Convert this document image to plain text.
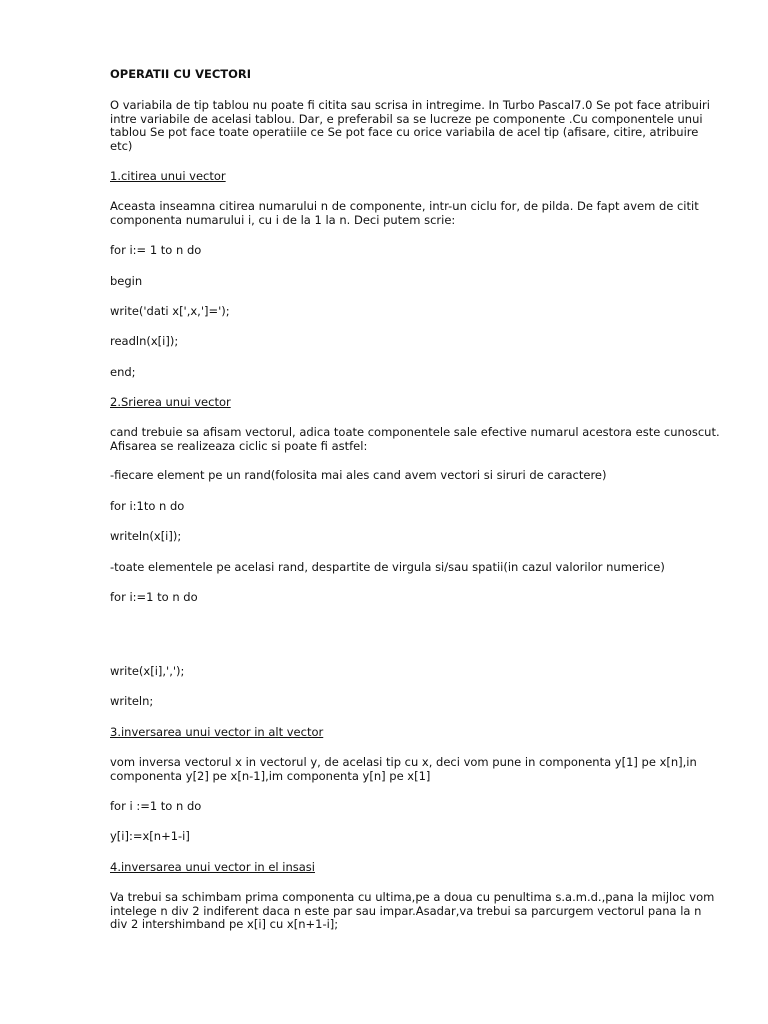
OPERATII CU VECTORI

O variabila de tip tablou nu poate fi citita sau scrisa in intregime. In Turbo Pascal7.0 Se pot face atribuiri intre variabile de acelasi tablou. Dar, e preferabil sa se lucreze pe componente .Cu componentele unui tablou Se pot face toate operatiile ce Se pot face cu orice variabila de acel tip (afisare, citire, atribuire etc)

1.citirea unui vector

Aceasta inseamna citirea numarului n de componente, intr-un ciclu for, de pilda. De fapt avem de citit componenta numarului i, cu i de la 1 la n. Deci putem scrie:

for i:= 1 to n do

begin

write('dati x[',x,']=');

readln(x[i]);

end;

2.Srierea unui vector

cand trebuie sa afisam vectorul, adica toate componentele sale efective numarul acestora este cunoscut. Afisarea se realizeaza ciclic si poate fi astfel:

-fiecare element pe un rand(folosita mai ales cand avem vectori si siruri de caractere)

for i:1to n do

writeln(x[i]);

-toate elementele pe acelasi rand, despartite de virgula si/sau spatii(in cazul valorilor numerice)

for i:=1 to n do

write(x[i],',');

writeln;

3.inversarea unui vector in alt vector

vom inversa vectorul x in vectorul y, de acelasi tip cu x, deci vom pune in componenta y[1] pe x[n],in componenta y[2] pe x[n-1],im componenta y[n] pe x[1]

for i :=1 to n do

y[i]:=x[n+1-i]

4.inversarea unui vector in el insasi

Va trebui sa schimbam prima componenta cu ultima,pe a doua cu penultima s.a.m.d.,pana la mijloc vom intelege n div 2 indiferent daca n este par sau impar.Asadar,va trebui sa parcurgem vectorul pana la n div 2 intershimband pe x[i] cu x[n+1-i];
